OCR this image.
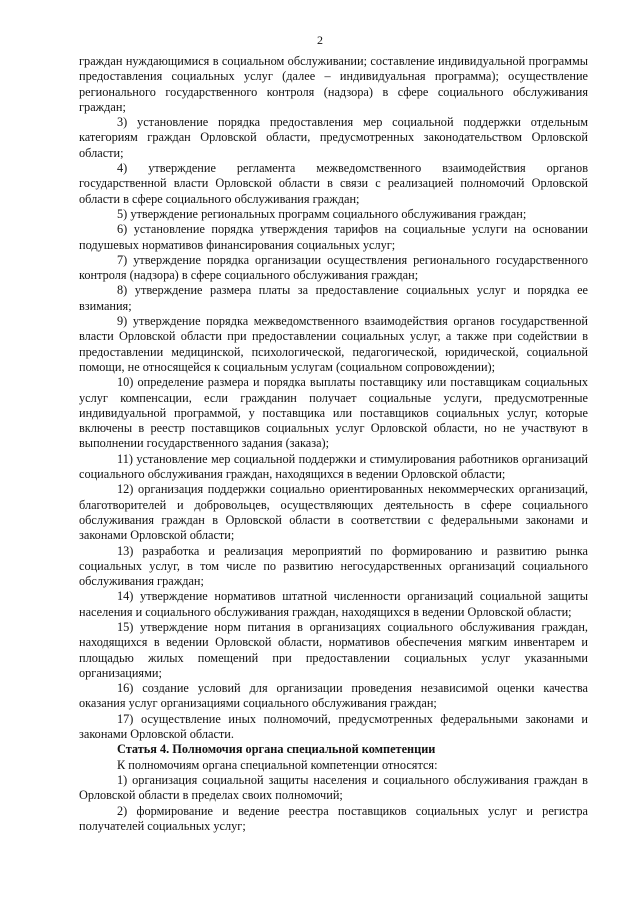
2

граждан нуждающимися в социальном обслуживании; составление индивидуальной программы предоставления социальных услуг (далее – индивидуальная программа); осуществление регионального государственного контроля (надзора) в сфере социального обслуживания граждан;

3) установление порядка предоставления мер социальной поддержки отдельным категориям граждан Орловской области, предусмотренных законодательством Орловской области;

4) утверждение регламента межведомственного взаимодействия органов государственной власти Орловской области в связи с реализацией полномочий Орловской области в сфере социального обслуживания граждан;

5) утверждение региональных программ социального обслуживания граждан;

6) установление порядка утверждения тарифов на социальные услуги на основании подушевых нормативов финансирования социальных услуг;

7) утверждение порядка организации осуществления регионального государственного контроля (надзора) в сфере социального обслуживания граждан;

8) утверждение размера платы за предоставление социальных услуг и порядка ее взимания;

9) утверждение порядка межведомственного взаимодействия органов государственной власти Орловской области при предоставлении социальных услуг, а также при содействии в предоставлении медицинской, психологической, педагогической, юридической, социальной помощи, не относящейся к социальным услугам (социальном сопровождении);

10) определение размера и порядка выплаты поставщику или поставщикам социальных услуг компенсации, если гражданин получает социальные услуги, предусмотренные индивидуальной программой, у поставщика или поставщиков социальных услуг, которые включены в реестр поставщиков социальных услуг Орловской области, но не участвуют в выполнении государственного задания (заказа);

11) установление мер социальной поддержки и стимулирования работников организаций социального обслуживания граждан, находящихся в ведении Орловской области;

12) организация поддержки социально ориентированных некоммерческих организаций, благотворителей и добровольцев, осуществляющих деятельность в сфере социального обслуживания граждан в Орловской области в соответствии с федеральными законами и законами Орловской области;

13) разработка и реализация мероприятий по формированию и развитию рынка социальных услуг, в том числе по развитию негосударственных организаций социального обслуживания граждан;

14) утверждение нормативов штатной численности организаций социальной защиты населения и социального обслуживания граждан, находящихся в ведении Орловской области;

15) утверждение норм питания в организациях социального обслуживания граждан, находящихся в ведении Орловской области, нормативов обеспечения мягким инвентарем и площадью жилых помещений при предоставлении социальных услуг указанными организациями;

16) создание условий для организации проведения независимой оценки качества оказания услуг организациями социального обслуживания граждан;

17) осуществление иных полномочий, предусмотренных федеральными законами и законами Орловской области.

Статья 4. Полномочия органа специальной компетенции

К полномочиям органа специальной компетенции относятся:

1) организация социальной защиты населения и социального обслуживания граждан в Орловской области в пределах своих полномочий;

2) формирование и ведение реестра поставщиков социальных услуг и регистра получателей социальных услуг;
